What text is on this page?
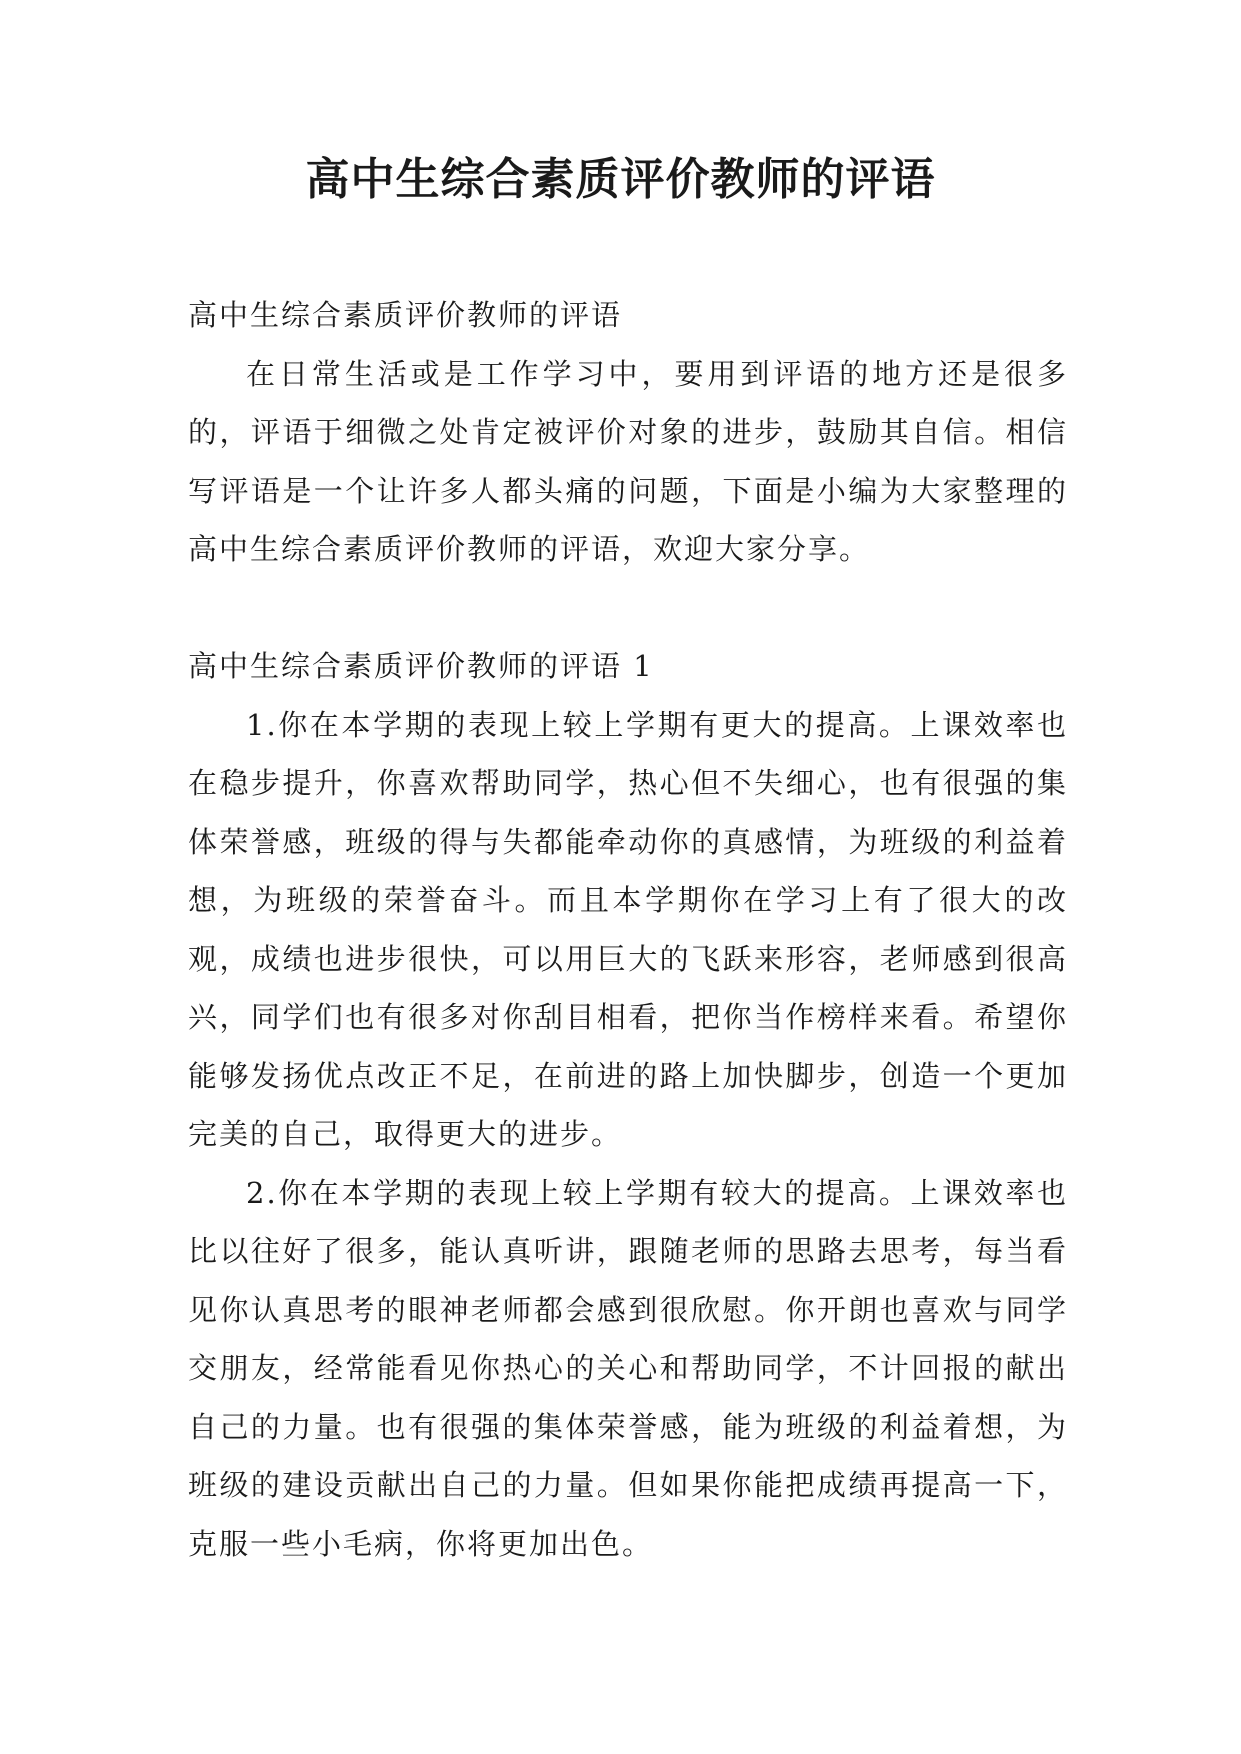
高中生综合素质评价教师的评语

高中生综合素质评价教师的评语

在日常生活或是工作学习中，要用到评语的地方还是很多的，评语于细微之处肯定被评价对象的进步，鼓励其自信。相信写评语是一个让许多人都头痛的问题，下面是小编为大家整理的高中生综合素质评价教师的评语，欢迎大家分享。

高中生综合素质评价教师的评语 1

1.你在本学期的表现上较上学期有更大的提高。上课效率也在稳步提升，你喜欢帮助同学，热心但不失细心，也有很强的集体荣誉感，班级的得与失都能牵动你的真感情，为班级的利益着想，为班级的荣誉奋斗。而且本学期你在学习上有了很大的改观，成绩也进步很快，可以用巨大的飞跃来形容，老师感到很高兴，同学们也有很多对你刮目相看，把你当作榜样来看。希望你能够发扬优点改正不足，在前进的路上加快脚步，创造一个更加完美的自己，取得更大的进步。

2.你在本学期的表现上较上学期有较大的提高。上课效率也比以往好了很多，能认真听讲，跟随老师的思路去思考，每当看见你认真思考的眼神老师都会感到很欣慰。你开朗也喜欢与同学交朋友，经常能看见你热心的关心和帮助同学，不计回报的献出自己的力量。也有很强的集体荣誉感，能为班级的利益着想，为班级的建设贡献出自己的力量。但如果你能把成绩再提高一下，克服一些小毛病，你将更加出色。
